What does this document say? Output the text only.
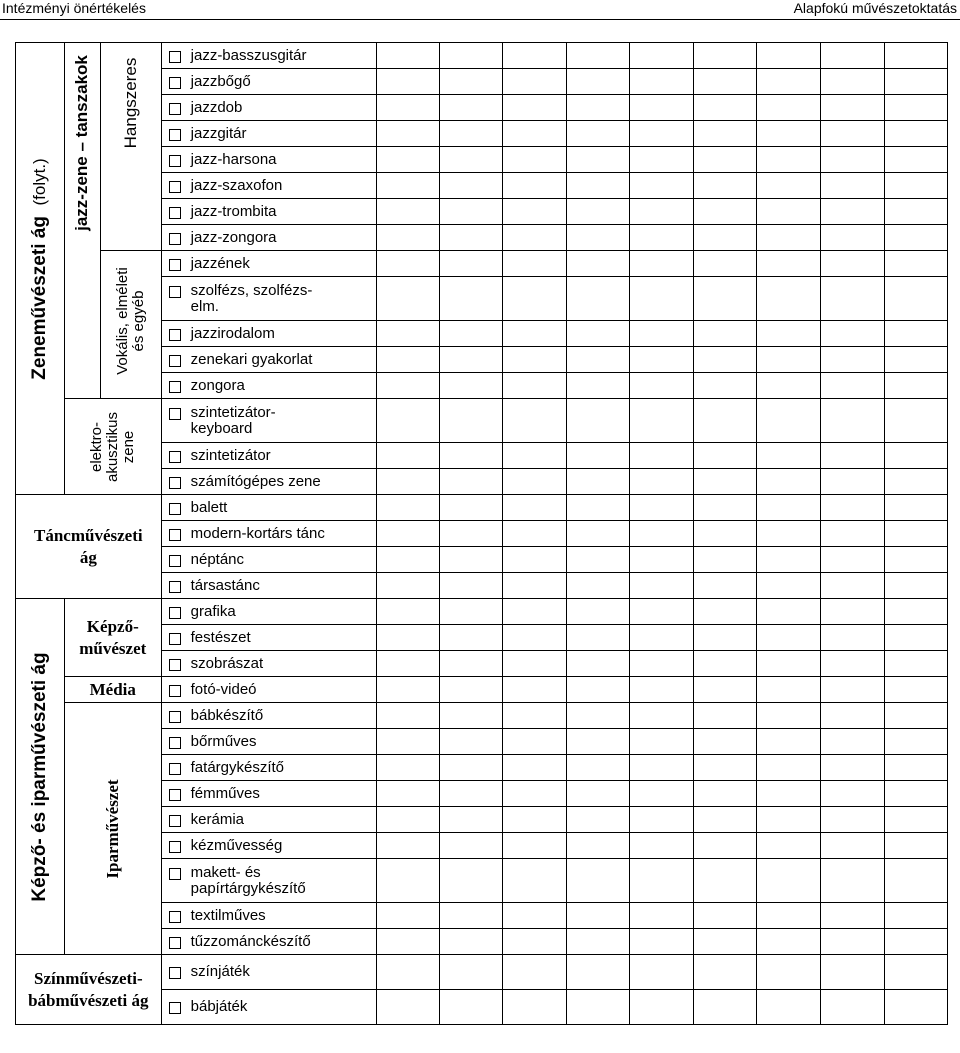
Intézményi önértékelés	Alapfokú művészetoktatás
Zeneművészeti ág  (folyt.)	jazz-zene – tanszakok	Hangszeres	jazz-basszusgitár									

			jazzbőgő									

			jazzdob									

			jazzgitár									

			jazz-harsona									

			jazz-szaxofon									

			jazz-trombita									

			jazz-zongora									

		Vokális, elméleti és egyéb	jazzének									

			szolfézs, szolfézs-
elm.									

			jazzirodalom									

			zenekari gyakorlat									

			zongora									

	elektro-akusztikus zene		szintetizátor-
keyboard									

			szintetizátor									

			számítógépes zene									

Táncművészeti ág			balett									

			modern-kortárs tánc									

			néptánc									

			társastánc									

Képző- és iparművészeti ág	Képző-művészet		grafika									

			festészet									

			szobrászat									

	Média		fotó-videó									

	Iparművészet		bábkészítő									

			bőrműves									

			fatárgykészítő									

			fémműves									

			kerámia									

			kézművesség									

			makett- és
papírtárgykészítő									

			textilműves									

			tűzzománckészítő									

Színművészeti-bábművészeti ág			színjáték									

			bábjáték									
